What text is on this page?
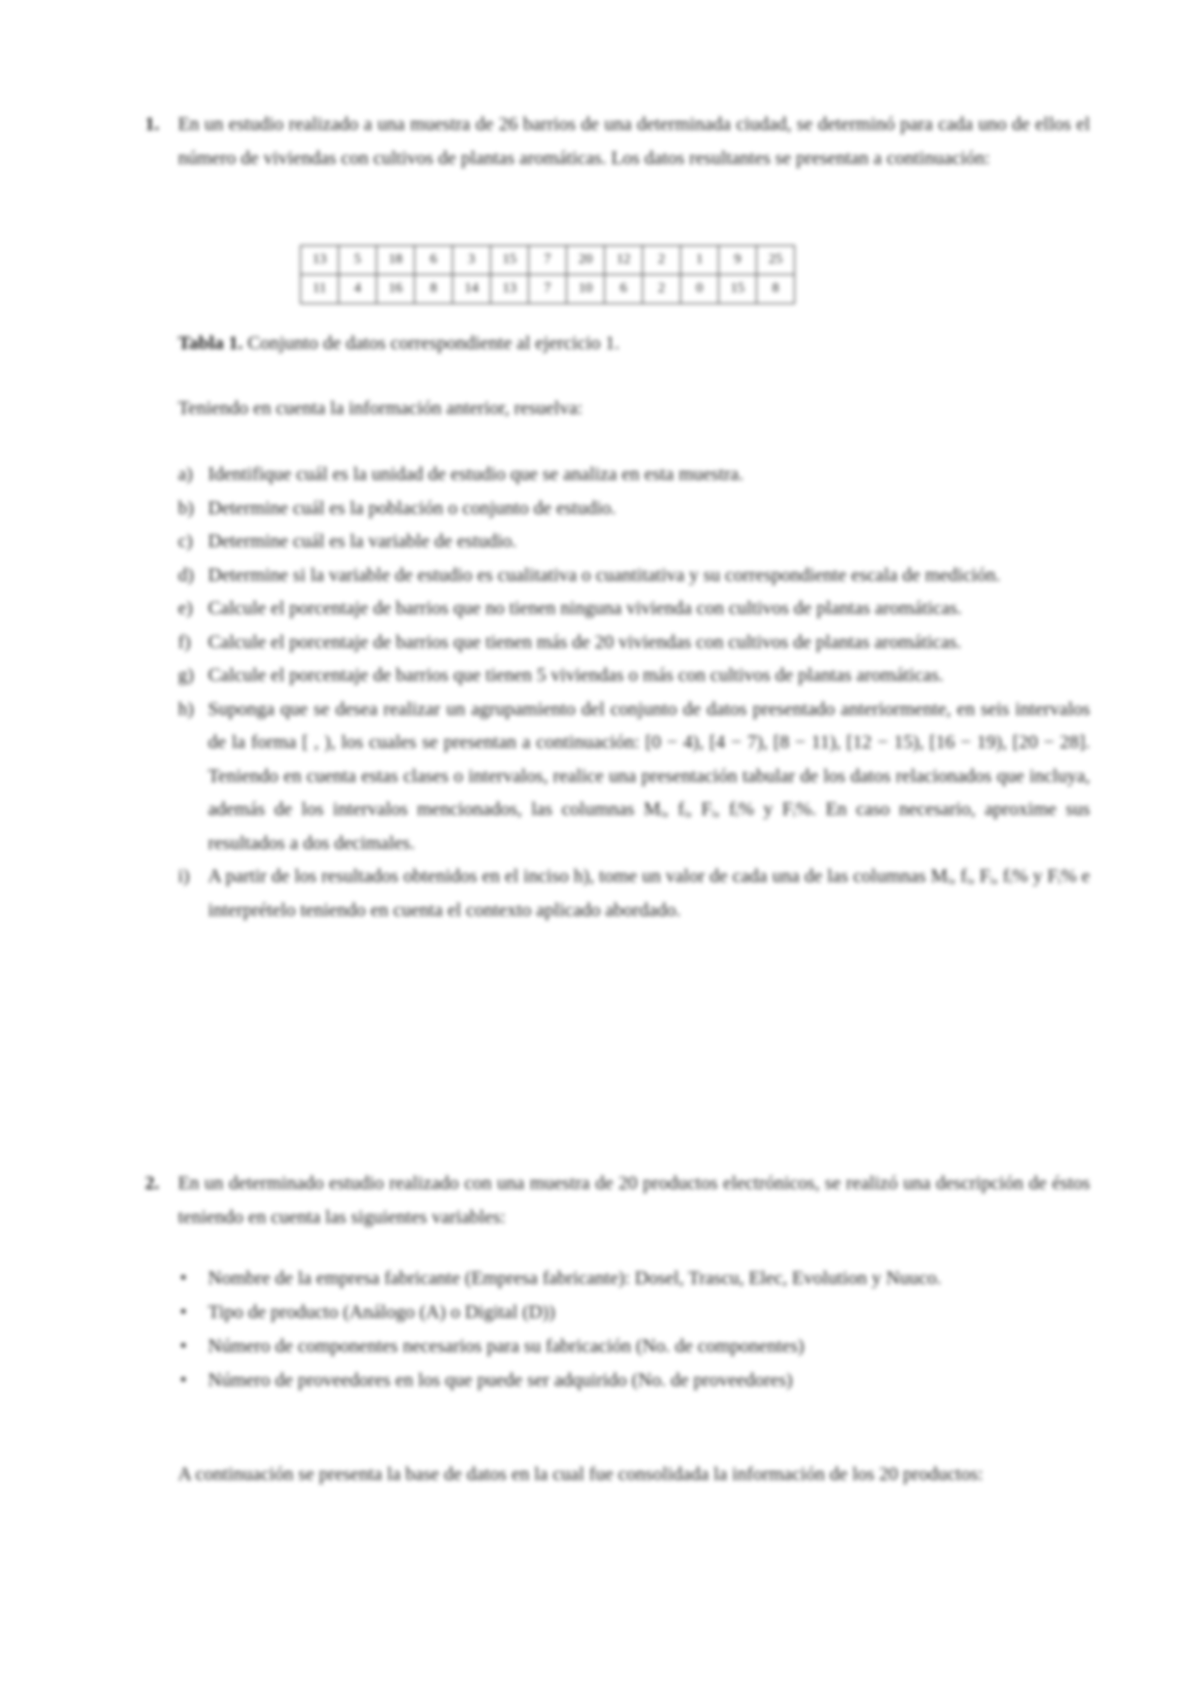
1. En un estudio realizado a una muestra de 26 barrios de una determinada ciudad, se determinó para cada uno de ellos el número de viviendas con cultivos de plantas aromáticas. Los datos resultantes se presentan a continuación:
13	5	18	6	3	15	7	20	12	2	1	9	25
11	4	16	8	14	13	7	10	6	2	0	15	8
Tabla 1. Conjunto de datos correspondiente al ejercicio 1.
Teniendo en cuenta la información anterior, resuelva:
a) Identifique cuál es la unidad de estudio que se analiza en esta muestra.
b) Determine cuál es la población o conjunto de estudio.
c) Determine cuál es la variable de estudio.
d) Determine si la variable de estudio es cualitativa o cuantitativa y su correspondiente escala de medición.
e) Calcule el porcentaje de barrios que no tienen ninguna vivienda con cultivos de plantas aromáticas.
f) Calcule el porcentaje de barrios que tienen más de 20 viviendas con cultivos de plantas aromáticas.
g) Calcule el porcentaje de barrios que tienen 5 viviendas o más con cultivos de plantas aromáticas.
h) Suponga que se desea realizar un agrupamiento del conjunto de datos presentado anteriormente, en seis intervalos de la forma [ , ), los cuales se presentan a continuación: [0 − 4), [4 − 7), [8 − 11), [12 − 15), [16 − 19), [20 − 28]. Teniendo en cuenta estas clases o intervalos, realice una presentación tabular de los datos relacionados que incluya, además de los intervalos mencionados, las columnas Mᵢ, fᵢ, Fᵢ, fᵢ% y Fᵢ%. En caso necesario, aproxime sus resultados a dos decimales.
i) A partir de los resultados obtenidos en el inciso h), tome un valor de cada una de las columnas Mᵢ, fᵢ, Fᵢ, fᵢ% y Fᵢ% e interprételo teniendo en cuenta el contexto aplicado abordado.
2. En un determinado estudio realizado con una muestra de 20 productos electrónicos, se realizó una descripción de éstos teniendo en cuenta las siguientes variables:
• Nombre de la empresa fabricante (Empresa fabricante): Dosel, Trascu, Elec, Evolution y Nuuco.
• Tipo de producto (Análogo (A) o Digital (D))
• Número de componentes necesarios para su fabricación (No. de componentes)
• Número de proveedores en los que puede ser adquirido (No. de proveedores)
A continuación se presenta la base de datos en la cual fue consolidada la información de los 20 productos:
